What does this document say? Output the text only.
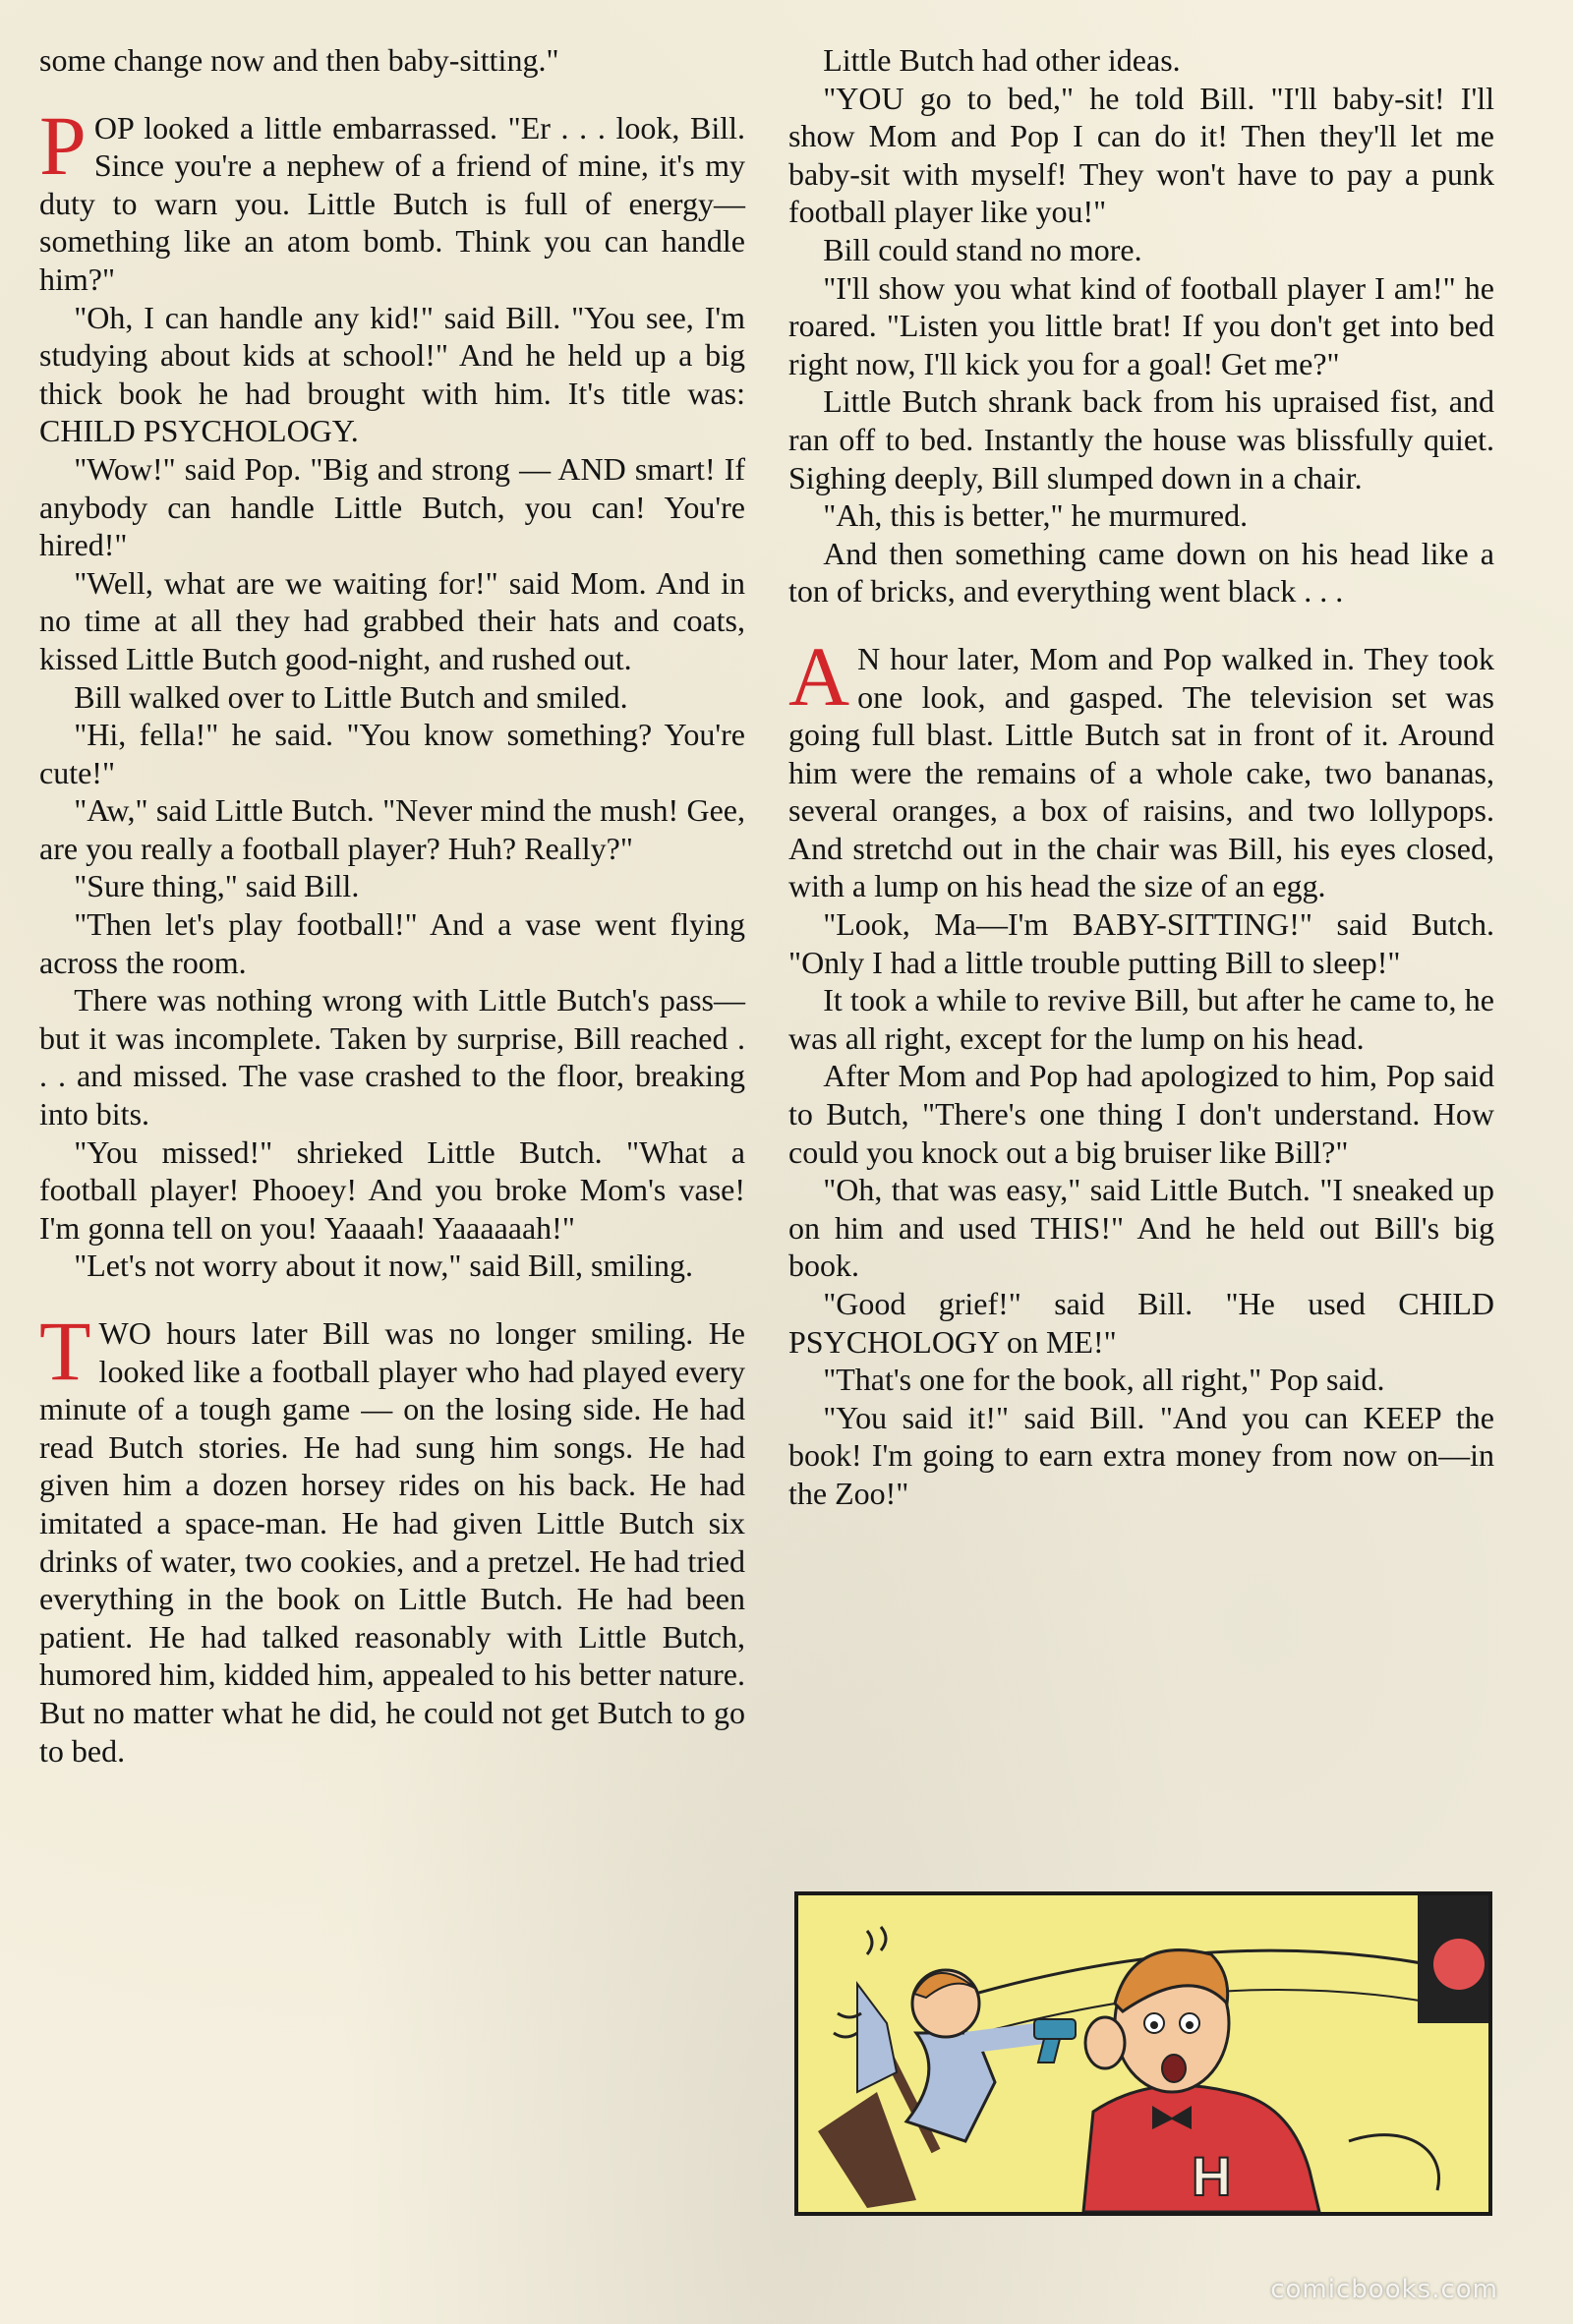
some change now and then baby-sitting."

POP looked a little embarrassed. "Er . . . look, Bill. Since you're a nephew of a friend of mine, it's my duty to warn you. Little Butch is full of energy—something like an atom bomb. Think you can handle him?"

"Oh, I can handle any kid!" said Bill. "You see, I'm studying about kids at school!" And he held up a big thick book he had brought with him. It's title was: CHILD PSYCHOLOGY.

"Wow!" said Pop. "Big and strong — AND smart! If anybody can handle Little Butch, you can! You're hired!"

"Well, what are we waiting for!" said Mom. And in no time at all they had grabbed their hats and coats, kissed Little Butch good-night, and rushed out.

Bill walked over to Little Butch and smiled.

"Hi, fella!" he said. "You know something? You're cute!"

"Aw," said Little Butch. "Never mind the mush! Gee, are you really a football player? Huh? Really?"

"Sure thing," said Bill.

"Then let's play football!" And a vase went flying across the room.

There was nothing wrong with Little Butch's pass—but it was incomplete. Taken by surprise, Bill reached . . . and missed. The vase crashed to the floor, breaking into bits.

"You missed!" shrieked Little Butch. "What a football player! Phooey! And you broke Mom's vase! I'm gonna tell on you! Yaaaah! Yaaaaaah!"

"Let's not worry about it now," said Bill, smiling.

TWO hours later Bill was no longer smiling. He looked like a football player who had played every minute of a tough game — on the losing side. He had read Butch stories. He had sung him songs. He had given him a dozen horsey rides on his back. He had imitated a space-man. He had given Little Butch six drinks of water, two cookies, and a pretzel. He had tried everything in the book on Little Butch. He had been patient. He had talked reasonably with Little Butch, humored him, kidded him, appealed to his better nature. But no matter what he did, he could not get Butch to go to bed.

Little Butch had other ideas.

"YOU go to bed," he told Bill. "I'll baby-sit! I'll show Mom and Pop I can do it! Then they'll let me baby-sit with myself! They won't have to pay a punk football player like you!"

Bill could stand no more.

"I'll show you what kind of football player I am!" he roared. "Listen you little brat! If you don't get into bed right now, I'll kick you for a goal! Get me?"

Little Butch shrank back from his upraised fist, and ran off to bed. Instantly the house was blissfully quiet. Sighing deeply, Bill slumped down in a chair.

"Ah, this is better," he murmured.

And then something came down on his head like a ton of bricks, and everything went black . . .

A N hour later, Mom and Pop walked in. They took one look, and gasped. The television set was going full blast. Little Butch sat in front of it. Around him were the remains of a whole cake, two bananas, several oranges, a box of raisins, and two lollypops. And stretchd out in the chair was Bill, his eyes closed, with a lump on his head the size of an egg.

"Look, Ma—I'm BABY-SITTING!" said Butch. "Only I had a little trouble putting Bill to sleep!"

It took a while to revive Bill, but after he came to, he was all right, except for the lump on his head.

After Mom and Pop had apologized to him, Pop said to Butch, "There's one thing I don't understand. How could you knock out a big bruiser like Bill?"

"Oh, that was easy," said Little Butch. "I sneaked up on him and used THIS!" And he held out Bill's big book.

"Good grief!" said Bill. "He used CHILD PSYCHOLOGY on ME!"

"That's one for the book, all right," Pop said.

"You said it!" said Bill. "And you can KEEP the book! I'm going to earn extra money from now on—in the Zoo!"

H
comicbooks.com
